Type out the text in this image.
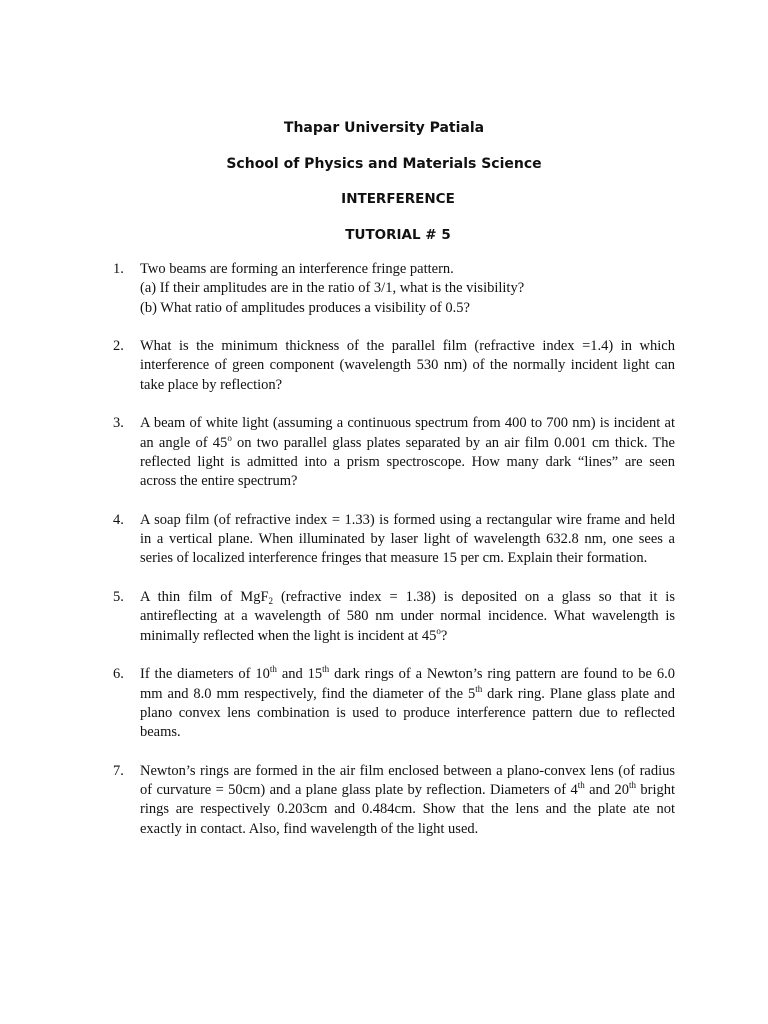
Thapar University Patiala
School of Physics and Materials Science
INTERFERENCE
TUTORIAL # 5
1. Two beams are forming an interference fringe pattern.
(a) If their amplitudes are in the ratio of 3/1, what is the visibility?
(b) What ratio of amplitudes produces a visibility of 0.5?
2. What is the minimum thickness of the parallel film (refractive index =1.4) in which interference of green component (wavelength 530 nm) of the normally incident light can take place by reflection?
3. A beam of white light (assuming a continuous spectrum from 400 to 700 nm) is incident at an angle of 45$^o$ on two parallel glass plates separated by an air film 0.001 cm thick. The reflected light is admitted into a prism spectroscope. How many dark “lines” are seen across the entire spectrum?
4. A soap film (of refractive index = 1.33) is formed using a rectangular wire frame and held in a vertical plane. When illuminated by laser light of wavelength 632.8 nm, one sees a series of localized interference fringes that measure 15 per cm. Explain their formation.
5. A thin film of MgF$_2$ (refractive index = 1.38) is deposited on a glass so that it is antireflecting at a wavelength of 580 nm under normal incidence. What wavelength is minimally reflected when the light is incident at 45$^o$?
6. If the diameters of 10th and 15th dark rings of a Newton’s ring pattern are found to be 6.0 mm and 8.0 mm respectively, find the diameter of the 5th dark ring. Plane glass plate and plano convex lens combination is used to produce interference pattern due to reflected beams.
7. Newton’s rings are formed in the air film enclosed between a plano-convex lens (of radius of curvature = 50cm) and a plane glass plate by reflection. Diameters of 4th and 20th bright rings are respectively 0.203cm and 0.484cm. Show that the lens and the plate ate not exactly in contact. Also, find wavelength of the light used.
